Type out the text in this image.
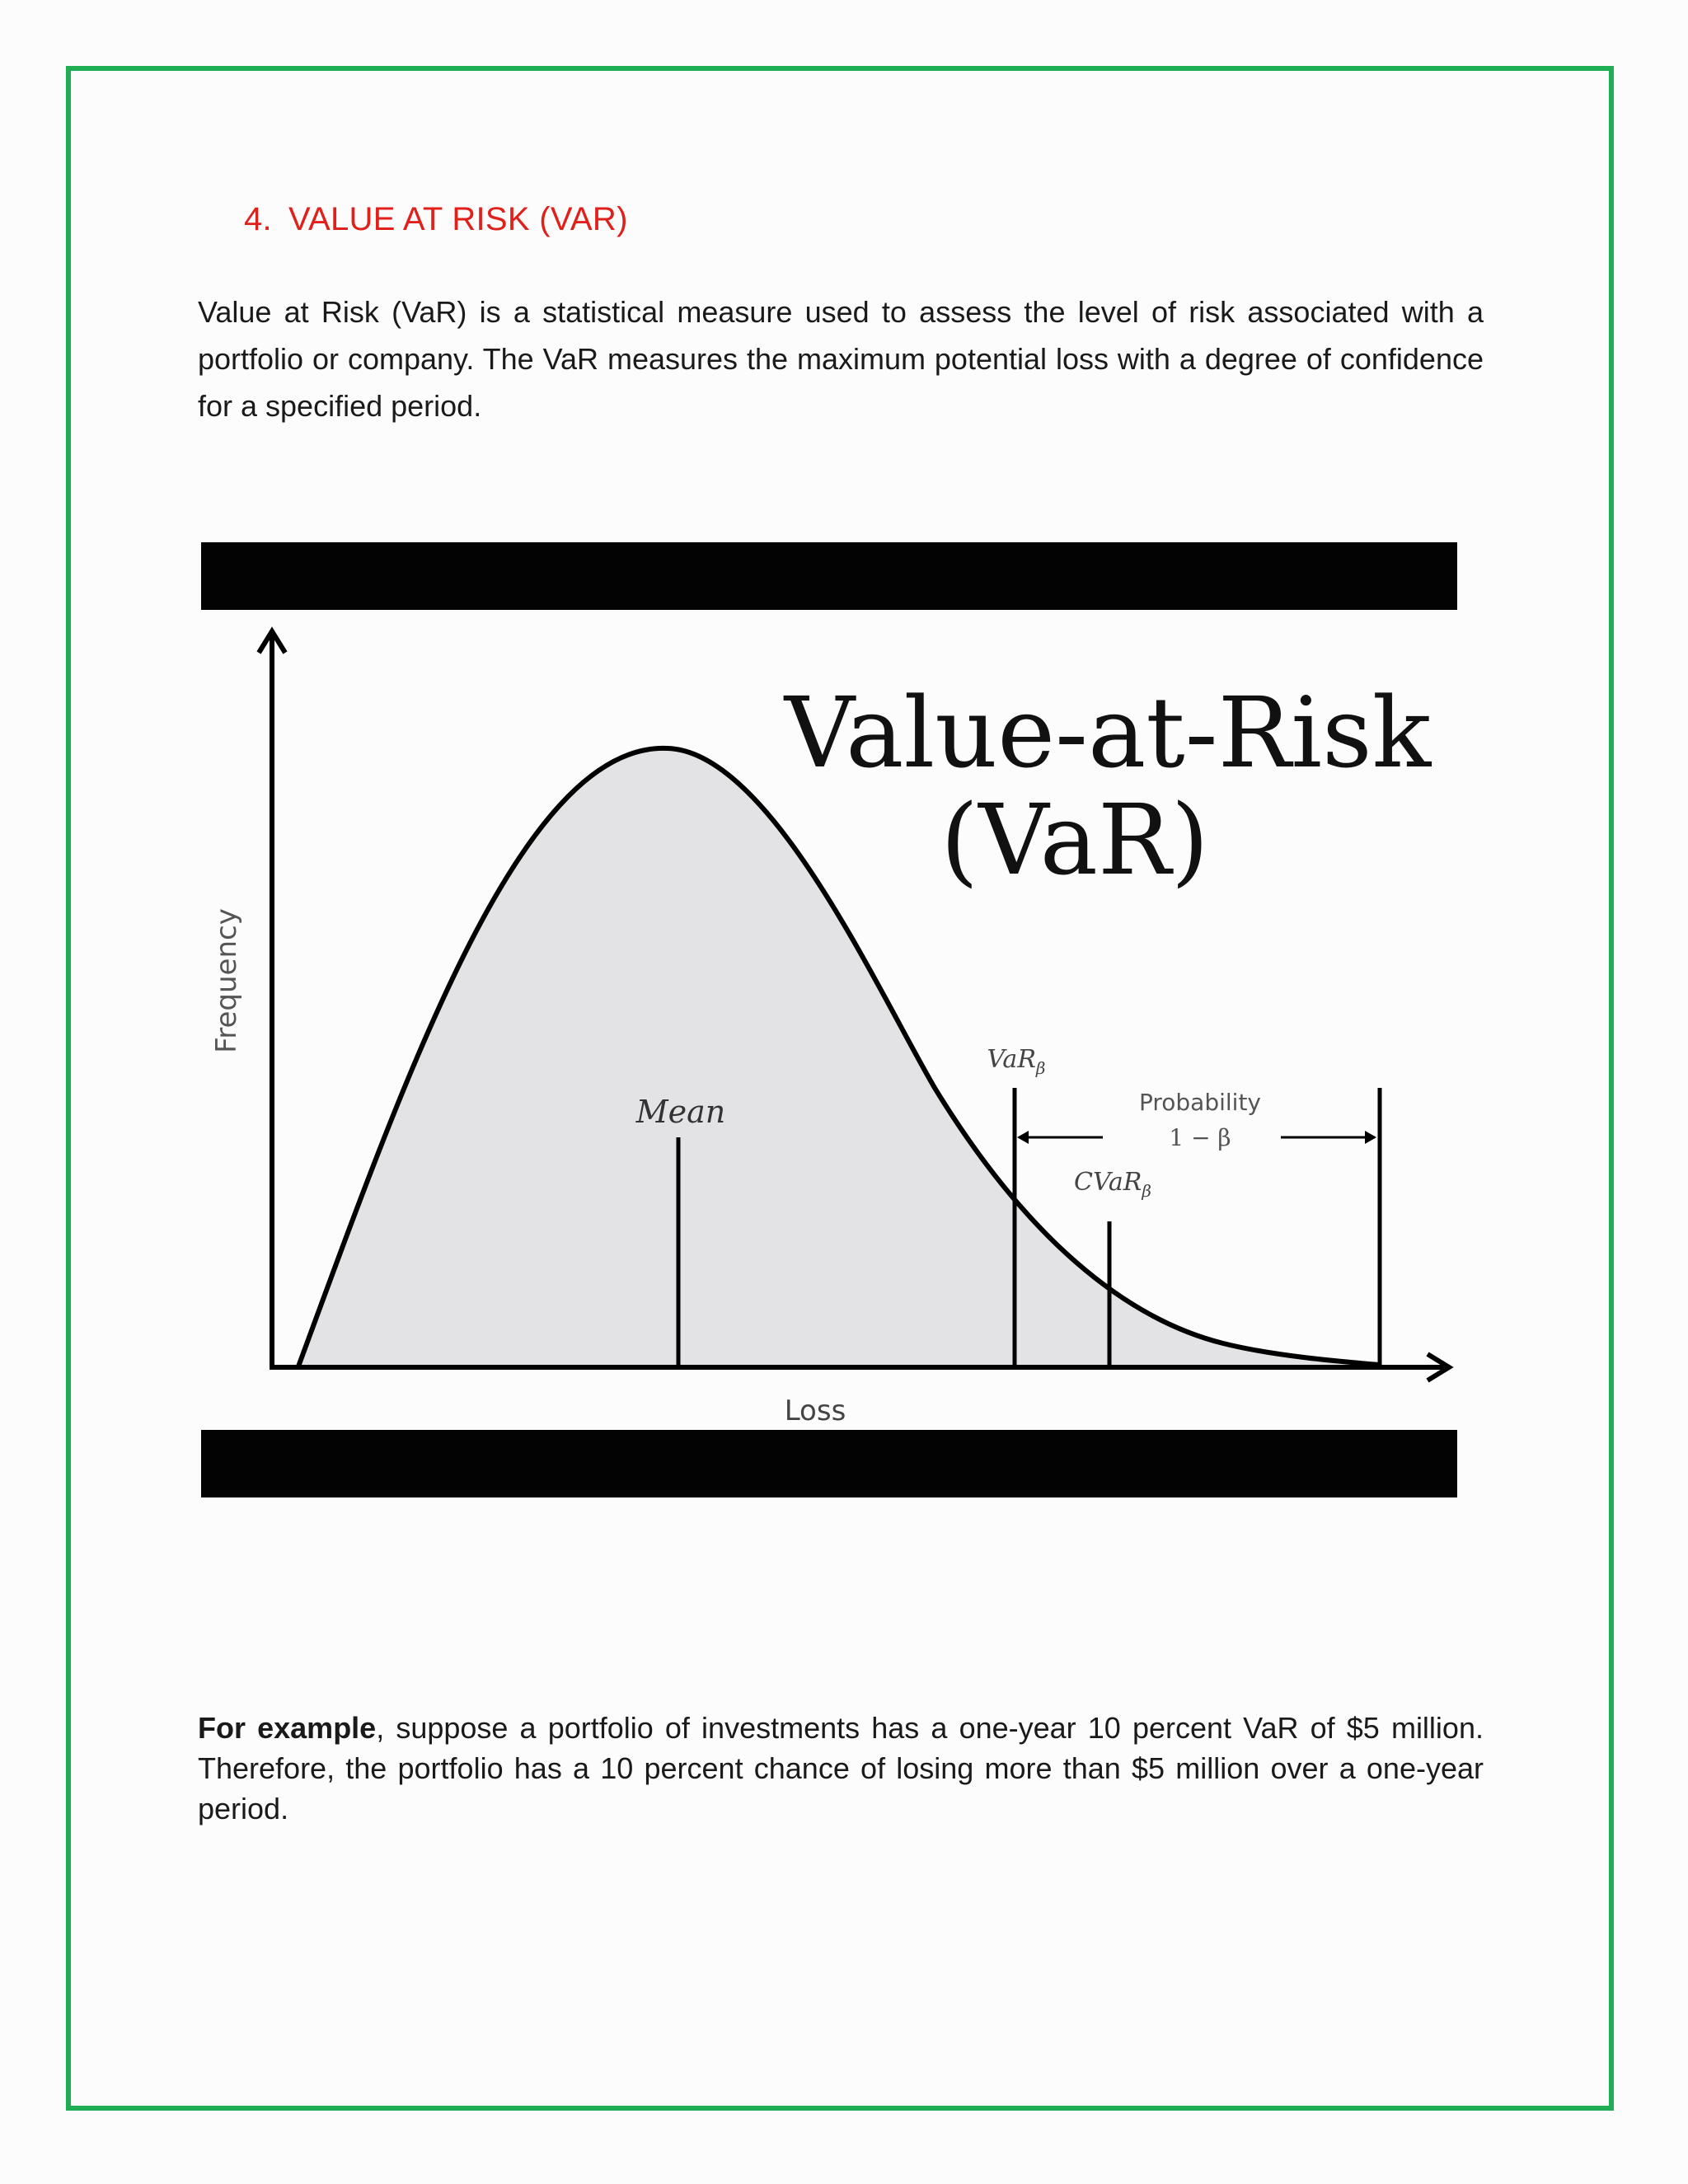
4. VALUE AT RISK (VAR)

Value at Risk (VaR) is a statistical measure used to assess the level of risk associated with a portfolio or company. The VaR measures the maximum potential loss with a degree of confidence for a specified period.

Value-at-Risk
(VaR)
Frequency
Loss
Mean
VaR$_\beta$
CVaR$_\beta$
Probability
1 − β

For example, suppose a portfolio of investments has a one-year 10 percent VaR of $5 million. Therefore, the portfolio has a 10 percent chance of losing more than $5 million over a one-year period.
